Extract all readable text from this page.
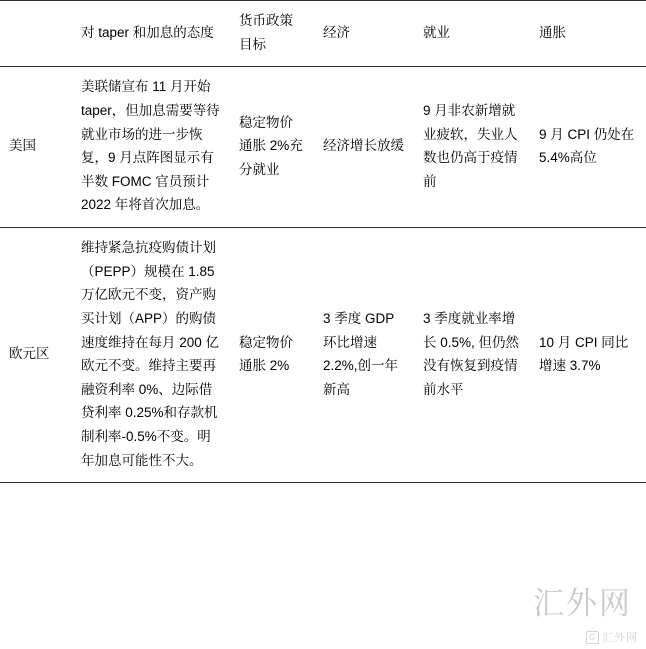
	对 taper 和加息的态度	货币政策目标	经济	就业	通胀
美国	美联储宣布 11 月开始 taper，但加息需要等待就业市场的进一步恢复，9 月点阵图显示有半数 FOMC 官员预计 2022 年将首次加息。	稳定物价通胀 2%充分就业	经济增长放缓	9 月非农新增就业疲软，失业人数也仍高于疫情前	9 月 CPI 仍处在 5.4%高位

欧元区	维持紧急抗疫购债计划（PEPP）规模在 1.85 万亿欧元不变，资产购买计划（APP）的购债速度维持在每月 200 亿欧元不变。维持主要再融资利率 0%、边际借贷利率 0.25%和存款机制利率-0.5%不变。明年加息可能性不大。	稳定物价通胀 2%	3 季度 GDP 环比增速 2.2%,创一年新高	3 季度就业率增长 0.5%, 但仍然没有恢复到疫情前水平	10 月 CPI 同比增速 3.7%
汇外网
G 汇外网
